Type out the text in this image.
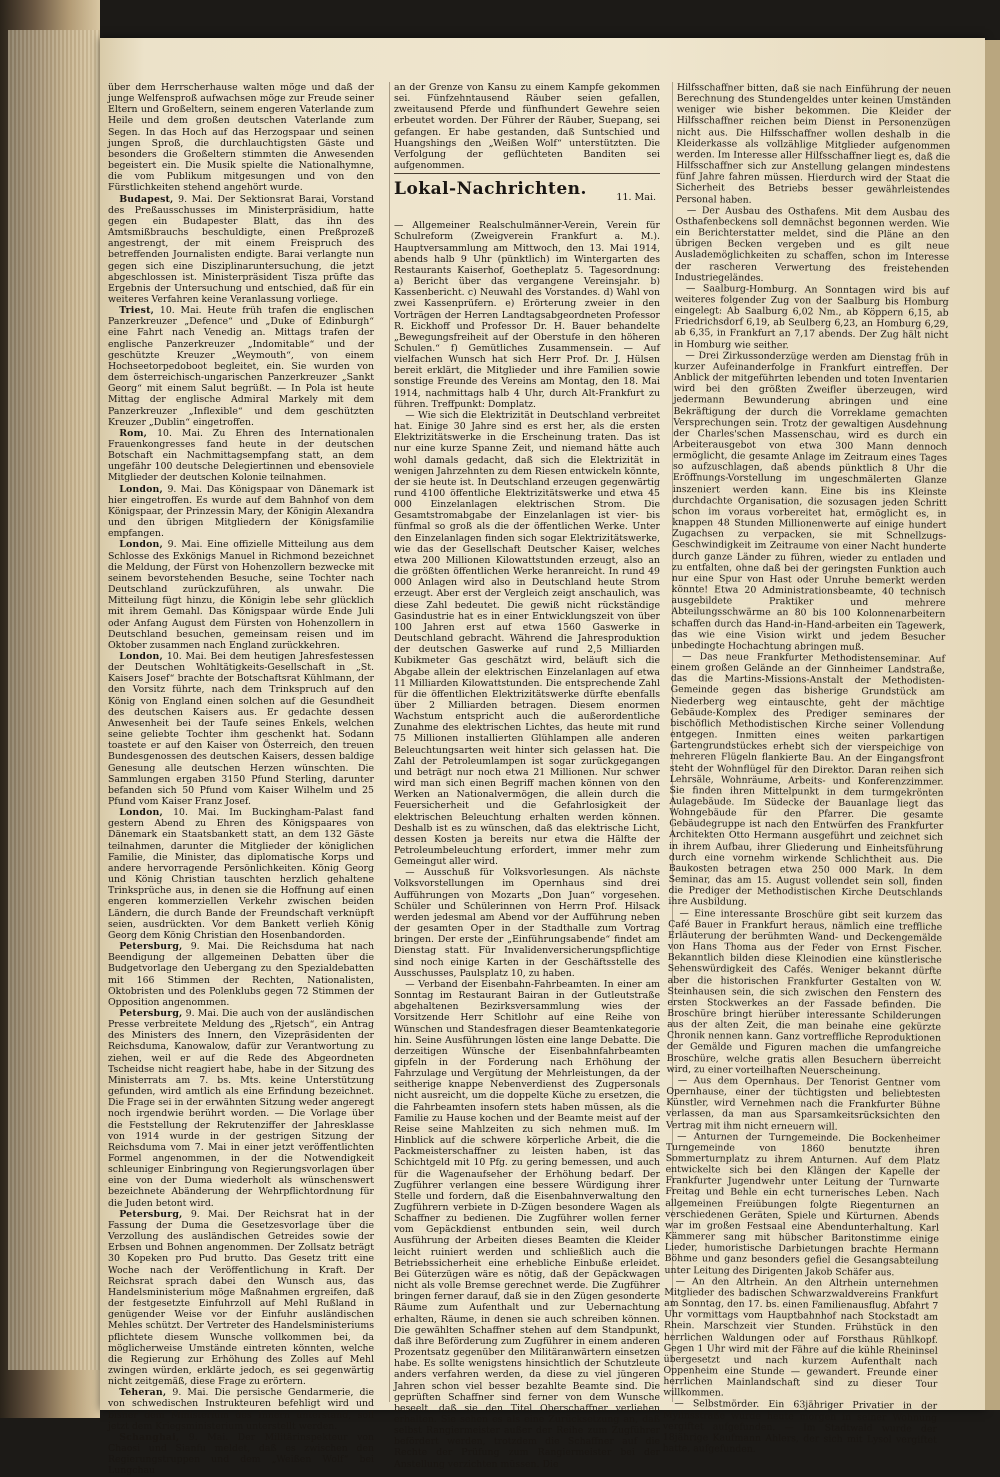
über dem Herrscherhause walten möge und daß der junge Welfensproß aufwachsen möge zur Freude seiner Eltern und Großeltern, seinem engeren Vaterlande zum Heile und dem großen deutschen Vaterlande zum Segen. In das Hoch auf das Herzogspaar und seinen jungen Sproß, die durchlauchtigsten Gäste und besonders die Großeltern stimmten die Anwesenden begeistert ein. Die Musik spielte die Nationalhymne, die vom Publikum mitgesungen und von den Fürstlichkeiten stehend angehört wurde.

Budapest, 9. Mai. Der Sektionsrat Barai, Vorstand des Preßausschusses im Ministerpräsidium, hatte gegen ein Budapester Blatt, das ihn des Amtsmißbrauchs beschuldigte, einen Preßprozeß angestrengt, der mit einem Freispruch des betreffenden Journalisten endigte. Barai verlangte nun gegen sich eine Disziplinaruntersuchung, die jetzt abgeschlossen ist. Ministerpräsident Tisza prüfte das Ergebnis der Untersuchung und entschied, daß für ein weiteres Verfahren keine Veranlassung vorliege.

Triest, 10. Mai. Heute früh trafen die englischen Panzerkreuzer „Defence“ und „Duke of Edinburgh“ eine Fahrt nach Venedig an. Mittags trafen der englische Panzerkreuzer „Indomitable“ und der geschützte Kreuzer „Weymouth“, von einem Hochseetorpedoboot begleitet, ein. Sie wurden von dem österreichisch-ungarischen Panzerkreuzer „Sankt Georg“ mit einem Salut begrüßt. — In Pola ist heute Mittag der englische Admiral Markely mit dem Panzerkreuzer „Inflexible“ und dem geschützten Kreuzer „Dublin“ eingetroffen.

Rom, 10. Mai. Zu Ehren des Internationalen Frauenkongresses fand heute in der deutschen Botschaft ein Nachmittagsempfang statt, an dem ungefähr 100 deutsche Delegiertinnen und ebensoviele Mitglieder der deutschen Kolonie teilnahmen.

London, 9. Mai. Das Königspaar von Dänemark ist hier eingetroffen. Es wurde auf dem Bahnhof von dem Königspaar, der Prinzessin Mary, der Königin Alexandra und den übrigen Mitgliedern der Königsfamilie empfangen.

London, 9. Mai. Eine offizielle Mitteilung aus dem Schlosse des Exkönigs Manuel in Richmond bezeichnet die Meldung, der Fürst von Hohenzollern bezwecke mit seinem bevorstehenden Besuche, seine Tochter nach Deutschland zurückzuführen, als unwahr. Die Mitteilung fügt hinzu, die Königin lebe sehr glücklich mit ihrem Gemahl. Das Königspaar würde Ende Juli oder Anfang August dem Fürsten von Hohenzollern in Deutschland besuchen, gemeinsam reisen und im Oktober zusammen nach England zurückkehren.

London, 10. Mai. Bei dem heutigen Jahresfestessen der Deutschen Wohltätigkeits-Gesellschaft in „St. Kaisers Josef“ brachte der Botschaftsrat Kühlmann, der den Vorsitz führte, nach dem Trinkspruch auf den König von England einen solchen auf die Gesundheit des deutschen Kaisers aus. Er gedachte dessen Anwesenheit bei der Taufe seines Enkels, welchen seine geliebte Tochter ihm geschenkt hat. Sodann toastete er auf den Kaiser von Österreich, den treuen Bundesgenossen des deutschen Kaisers, dessen baldige Genesung alle deutschen Herzen wünschten. Die Sammlungen ergaben 3150 Pfund Sterling, darunter befanden sich 50 Pfund vom Kaiser Wilhelm und 25 Pfund vom Kaiser Franz Josef.

London, 10. Mai. Im Buckingham-Palast fand gestern Abend zu Ehren des Königspaares von Dänemark ein Staatsbankett statt, an dem 132 Gäste teilnahmen, darunter die Mitglieder der königlichen Familie, die Minister, das diplomatische Korps und andere hervorragende Persönlichkeiten. König Georg und König Christian tauschten herzlich gehaltene Trinksprüche aus, in denen sie die Hoffnung auf einen engeren kommerziellen Verkehr zwischen beiden Ländern, die durch Bande der Freundschaft verknüpft seien, ausdrückten. Vor dem Bankett verlieh König Georg dem König Christian den Hosenbandorden.

Petersburg, 9. Mai. Die Reichsduma hat nach Beendigung der allgemeinen Debatten über die Budgetvorlage den Uebergang zu den Spezialdebatten mit 166 Stimmen der Rechten, Nationalisten, Oktobristen und des Polenklubs gegen 72 Stimmen der Opposition angenommen.

Petersburg, 9. Mai. Die auch von der ausländischen Presse verbreitete Meldung des „Rjetsch“, ein Antrag des Ministers des Innern, den Vizepräsidenten der Reichsduma, Kanowalow, dafür zur Verantwortung zu ziehen, weil er auf die Rede des Abgeordneten Tscheidse nicht reagiert habe, habe in der Sitzung des Ministerrats am 7. bs. Mts. keine Unterstützung gefunden, wird amtlich als eine Erfindung bezeichnet. Die Frage sei in der erwähnten Sitzung weder angeregt noch irgendwie berührt worden. — Die Vorlage über die Feststellung der Rekrutenziffer der Jahresklasse von 1914 wurde in der gestrigen Sitzung der Reichsduma vom 7. Mai in einer jetzt veröffentlichten Formel angenommen, in der die Notwendigkeit schleuniger Einbringung von Regierungsvorlagen über eine von der Duma wiederholt als wünschenswert bezeichnete Abänderung der Wehrpflichtordnung für die Juden betont wird.

Petersburg, 9. Mai. Der Reichsrat hat in der Fassung der Duma die Gesetzesvorlage über die Verzollung des ausländischen Getreides sowie der Erbsen und Bohnen angenommen. Der Zollsatz beträgt 30 Kopeken pro Pud brutto. Das Gesetz tritt eine Woche nach der Veröffentlichung in Kraft. Der Reichsrat sprach dabei den Wunsch aus, das Handelsministerium möge Maßnahmen ergreifen, daß der festgesetzte Einfuhrzoll auf Mehl Rußland in genügender Weise vor der Einfuhr ausländischen Mehles schützt. Der Vertreter des Handelsministeriums pflichtete diesem Wunsche vollkommen bei, da möglicherweise Umstände eintreten könnten, welche die Regierung zur Erhöhung des Zolles auf Mehl zwingen würden, erklärte jedoch, es sei gegenwärtig nicht zeitgemäß, diese Frage zu erörtern.

Teheran, 9. Mai. Die persische Gendarmerie, die von schwedischen Instrukteuren befehligt wird und bisher dem Ministerium des Innern unterstand, soll jetzt dem Kriegsministerium unterstellt werden.

Schanghai, 9. Mai. Der Militärinspekteur von Chaosi und Sianfu meldet, daß es zwischen den Regierungstruppen und dem „Weißen Wolf“ bei Lungchau

an der Grenze von Kansu zu einem Kampfe gekommen sei. Fünfzehntausend Räuber seien gefallen, zweitausend Pferde und fünfhundert Gewehre seien erbeutet worden. Der Führer der Räuber, Suepang, sei gefangen. Er habe gestanden, daß Suntschied und Huangshings den „Weißen Wolf“ unterstützten. Die Verfolgung der geflüchteten Banditen sei aufgenommen.

Lokal-Nachrichten.	11. Mai.

— Allgemeiner Realschulmänner-Verein, Verein für Schulreform (Zweigverein Frankfurt a. M.). Hauptversammlung am Mittwoch, den 13. Mai 1914, abends halb 9 Uhr (pünktlich) im Wintergarten des Restaurants Kaiserhof, Goetheplatz 5. Tagesordnung: a) Bericht über das vergangene Vereinsjahr. b) Kassenbericht. c) Neuwahl des Vorstandes. d) Wahl von zwei Kassenprüfern. e) Erörterung zweier in den Vorträgen der Herren Landtagsabgeordneten Professor R. Eickhoff und Professor Dr. H. Bauer behandelte „Bewegungsfreiheit auf der Oberstufe in den höheren Schulen.“ f) Gemütliches Zusammensein. — Auf vielfachen Wunsch hat sich Herr Prof. Dr. J. Hülsen bereit erklärt, die Mitglieder und ihre Familien sowie sonstige Freunde des Vereins am Montag, den 18. Mai 1914, nachmittags halb 4 Uhr, durch Alt-Frankfurt zu führen. Treffpunkt: Domplatz.

— Wie sich die Elektrizität in Deutschland verbreitet hat. Einige 30 Jahre sind es erst her, als die ersten Elektrizitätswerke in die Erscheinung traten. Das ist nur eine kurze Spanne Zeit, und niemand hätte auch wohl damals gedacht, daß sich die Elektrizität in wenigen Jahrzehnten zu dem Riesen entwickeln könnte, der sie heute ist. In Deutschland erzeugen gegenwärtig rund 4100 öffentliche Elektrizitätswerke und etwa 45 000 Einzelanlagen elektrischen Strom. Die Gesamtstromabgabe der Einzelanlagen ist vier- bis fünfmal so groß als die der öffentlichen Werke. Unter den Einzelanlagen finden sich sogar Elektrizitätswerke, wie das der Gesellschaft Deutscher Kaiser, welches etwa 200 Millionen Kilowattstunden erzeugt, also an die größten öffentlichen Werke heranreicht. In rund 49 000 Anlagen wird also in Deutschland heute Strom erzeugt. Aber erst der Vergleich zeigt anschaulich, was diese Zahl bedeutet. Die gewiß nicht rückständige Gasindustrie hat es in einer Entwicklungszeit von über 100 Jahren erst auf etwa 1560 Gaswerke in Deutschland gebracht. Während die Jahresproduktion der deutschen Gaswerke auf rund 2,5 Milliarden Kubikmeter Gas geschätzt wird, beläuft sich die Abgabe allein der elektrischen Einzelanlagen auf etwa 11 Milliarden Kilowattstunden. Die entsprechende Zahl für die öffentlichen Elektrizitätswerke dürfte ebenfalls über 2 Milliarden betragen. Diesem enormen Wachstum entspricht auch die außerordentliche Zunahme des elektrischen Lichtes, das heute mit rund 75 Millionen installierten Glühlampen alle anderen Beleuchtungsarten weit hinter sich gelassen hat. Die Zahl der Petroleumlampen ist sogar zurückgegangen und beträgt nur noch etwa 21 Millionen. Nur schwer wird man sich einen Begriff machen können von den Werken an Nationalvermögen, die allein durch die Feuersicherheit und die Gefahrlosigkeit der elektrischen Beleuchtung erhalten werden können. Deshalb ist es zu wünschen, daß das elektrische Licht, dessen Kosten ja bereits nur etwa die Hälfte der Petroleumbeleuchtung erfordert, immer mehr zum Gemeingut aller wird.

— Ausschuß für Volksvorlesungen. Als nächste Volksvorstellungen im Opernhaus sind drei Aufführungen von Mozarts „Don Juan“ vorgesehen. Schüler und Schülerinnen von Herrn Prof. Hilsack werden jedesmal am Abend vor der Aufführung neben der gesamten Oper in der Stadthalle zum Vortrag bringen. Der erste der „Einführungsabende“ findet am Dienstag statt. Für Invalidenversicherungspflichtige sind noch einige Karten in der Geschäftsstelle des Ausschusses, Paulsplatz 10, zu haben.

— Verband der Eisenbahn-Fahrbeamten. In einer am Sonntag im Restaurant Bairan in der Gutleutstraße abgehaltenen Bezirksversammlung wies der Vorsitzende Herr Schitlohr auf eine Reihe von Wünschen und Standesfragen dieser Beamtenkategorie hin. Seine Ausführungen lösten eine lange Debatte. Die derzeitigen Wünsche der Eisenbahnfahrbeamten gipfeln in der Forderung nach Erhöhung der Fahrzulage und Vergütung der Mehrleistungen, da der seitherige knappe Nebenverdienst des Zugpersonals nicht ausreicht, um die doppelte Küche zu ersetzen, die die Fahrbeamten insofern stets haben müssen, als die Familie zu Hause kochen und der Beamte meist auf der Reise seine Mahlzeiten zu sich nehmen muß. Im Hinblick auf die schwere körperliche Arbeit, die die Packmeisterschaffner zu leisten haben, ist das Schichtgeld mit 10 Pfg. zu gering bemessen, und auch für die Wagenaufseher der Erhöhung bedarf. Der Zugführer verlangen eine bessere Würdigung ihrer Stelle und fordern, daß die Eisenbahnverwaltung den Zugführern verbiete in D-Zügen besondere Wagen als Schaffner zu bedienen. Die Zugführer wollen ferner vom Gepäckdienst entbunden sein, weil durch Ausführung der Arbeiten dieses Beamten die Kleider leicht ruiniert werden und schließlich auch die Betriebssicherheit eine erhebliche Einbuße erleidet. Bei Güterzügen wäre es nötig, daß der Gepäckwagen nicht als volle Bremse gerechnet werde. Die Zugführer bringen ferner darauf, daß sie in den Zügen gesonderte Räume zum Aufenthalt und zur Uebernachtung erhalten, Räume, in denen sie auch schreiben können. Die gewählten Schaffner stehen auf dem Standpunkt, daß ihre Beförderung zum Zugführer in einem anderen Prozentsatz gegenüber den Militäranwärtern einsetzen habe. Es sollte wenigstens hinsichtlich der Schutzleute anders verfahren werden, da diese zu viel jüngeren Jahren schon viel besser bezahlte Beamte sind. Die geprüften Schaffner sind ferner von dem Wunsche beseelt, daß sie den Titel Oberschaffner verliehen erhalten. Sie sehen es als eine Zurücksetzung an, daß selbst Rangiermeister außer der Reihe zum Zugführer befördert werden, trotzdem die Schaffner auf die Rechte der Prüfung zum Rangiermeister bei der Anstellung verzichten müssen. Die

Hilfsschaffner bitten, daß sie nach Einführung der neuen Berechnung des Stundengeldes unter keinen Umständen weniger wie bisher bekommen. Die Kleider der Hilfsschaffner reichen beim Dienst in Personenzügen nicht aus. Die Hilfsschaffner wollen deshalb in die Kleiderkasse als vollzählige Mitglieder aufgenommen werden. Im Interesse aller Hilfsschaffner liegt es, daß die Hilfsschaffner sich zur Anstellung gelangen mindestens fünf Jahre fahren müssen. Hierdurch wird der Staat die Sicherheit des Betriebs besser gewährleistendes Personal haben.

— Der Ausbau des Osthafens. Mit dem Ausbau des Osthafenbeckens soll demnächst begonnen werden. Wie ein Berichterstatter meldet, sind die Pläne an den übrigen Becken vergeben und es gilt neue Auslademöglichkeiten zu schaffen, schon im Interesse der rascheren Verwertung des freistehenden Industriegeländes.

— Saalburg-Homburg. An Sonntagen wird bis auf weiteres folgender Zug von der Saalburg bis Homburg eingelegt: Ab Saalburg 6,02 Nm., ab Köppern 6,15, ab Friedrichsdorf 6,19, ab Seulberg 6,23, an Homburg 6,29, ab 6,35, in Frankfurt an 7,17 abends. Der Zug hält nicht in Homburg wie seither.

— Drei Zirkussonderzüge werden am Dienstag früh in kurzer Aufeinanderfolge in Frankfurt eintreffen. Der Anblick der mitgeführten lebenden und toten Inventarien wird bei den größten Zweifler überzeugen, wird jedermann Bewunderung abringen und eine Bekräftigung der durch die Vorreklame gemachten Versprechungen sein. Trotz der gewaltigen Ausdehnung der Charles'schen Massenschau, wird es durch ein Arbeiterausgebot von etwa 300 Mann dennoch ermöglicht, die gesamte Anlage im Zeitraum eines Tages so aufzuschlagen, daß abends pünktlich 8 Uhr die Eröffnungs-Vorstellung im ungeschmälerten Glanze inszeniert werden kann. Eine bis ins Kleinste durchdachte Organisation, die sozusagen jeden Schritt schon im voraus vorbereitet hat, ermöglicht es, in knappen 48 Stunden Millionenwerte auf einige hundert Zugachsen zu verpacken, sie mit Schnellzugs-Geschwindigkeit im Zeitraume von einer Nacht hunderte durch ganze Länder zu führen, wieder zu entladen und zu entfalten, ohne daß bei der geringsten Funktion auch nur eine Spur von Hast oder Unruhe bemerkt werden könnte! Etwa 20 Administrationsbeamte, 40 technisch ausgebildete Praktiker und mehrere Abteilungsschwärme an 80 bis 100 Kolonnenarbeitern schaffen durch das Hand-in-Hand-arbeiten ein Tagewerk, das wie eine Vision wirkt und jedem Besucher unbedingte Hochachtung abringen muß.

— Das neue Frankfurter Methodistenseminar. Auf einem großen Gelände an der Ginnheimer Landstraße, das die Martins-Missions-Anstalt der Methodisten-Gemeinde gegen das bisherige Grundstück am Niederberg weg eintauschte, geht der mächtige Gebäude-Komplex des Prediger seminares der bischöflich Methodistischen Kirche seiner Vollendung entgegen. Inmitten eines weiten parkartigen Gartengrundstückes erhebt sich der vierspeichige von mehreren Flügeln flankierte Bau. An der Eingangsfront steht der Wohnflügel für den Direktor. Daran reihen sich Lehrsäle, Wohnräume, Arbeits- und Konferenzzimmer. Sie finden ihren Mittelpunkt in dem turmgekrönten Aulagebäude. Im Südecke der Bauanlage liegt das Wohngebäude für den Pfarrer. Die gesamte Gebäudegruppe ist nach den Entwürfen des Frankfurter Architekten Otto Hermann ausgeführt und zeichnet sich in ihrem Aufbau, ihrer Gliederung und Einheitsführung durch eine vornehm wirkende Schlichtheit aus. Die Baukosten betragen etwa 250 000 Mark. In dem Seminar, das am 15. August vollendet sein soll, finden die Prediger der Methodistischen Kirche Deutschlands ihre Ausbildung.

— Eine interessante Broschüre gibt seit kurzem das Café Bauer in Frankfurt heraus, nämlich eine treffliche Erläuterung der berühmten Wand- und Deckengemälde von Hans Thoma aus der Feder von Ernst Fischer. Bekanntlich bilden diese Kleinodien eine künstlerische Sehenswürdigkeit des Cafés. Weniger bekannt dürfte aber die historischen Frankfurter Gestalten von W. Steinhausen sein, die sich zwischen den Fenstern des ersten Stockwerkes an der Fassade befinden. Die Broschüre bringt hierüber interessante Schilderungen aus der alten Zeit, die man beinahe eine gekürzte Chronik nennen kann. Ganz vortreffliche Reproduktionen der Gemälde und Figuren machen die umfangreiche Broschüre, welche gratis allen Besuchern überreicht wird, zu einer vorteilhaften Neuerscheinung.

— Aus dem Opernhaus. Der Tenorist Gentner vom Opernhause, einer der tüchtigsten und beliebtesten Künstler, wird Vernehmen nach die Frankfurter Bühne verlassen, da man aus Sparsamkeitsrücksichten den Vertrag mit ihm nicht erneuern will.

— Anturnen der Turngemeinde. Die Bockenheimer Turngemeinde von 1860 benutzte ihren Sommerturnplatz zu ihrem Anturnen. Auf dem Platz entwickelte sich bei den Klängen der Kapelle der Frankfurter Jugendwehr unter Leitung der Turnwarte Freitag und Behle ein echt turnerisches Leben. Nach allgemeinen Freiübungen folgte Riegenturnen an verschiedenen Geräten, Spiele und Kürturnen. Abends war im großen Festsaal eine Abendunterhaltung. Karl Kämmerer sang mit hübscher Baritonstimme einige Lieder, humoristische Darbietungen brachte Hermann Böhme und ganz besonders gefiel die Gesangsabteilung unter Leitung des Dirigenten Jakob Schäfer aus.

— An den Altrhein. An den Altrhein unternehmen Mitglieder des badischen Schwarzwaldvereins Frankfurt am Sonntag, den 17. bs. einen Familienausflug. Abfahrt 7 Uhr vormittags vom Hauptbahnhof nach Stockstadt am Rhein. Marschzeit vier Stunden. Frühstück in den herrlichen Waldungen oder auf Forsthaus Rühlkopf. Gegen 1 Uhr wird mit der Fähre auf die kühle Rheininsel übergesetzt und nach kurzem Aufenthalt nach Oppenheim eine Stunde — gewandert. Freunde einer herrlichen Mainlandschaft sind zu dieser Tour willkommen.

— Selbstmörder. Ein 63jähriger Privatier in der Mylinsstraße wurde heute morgen in seiner Wohnung vergiftet aufgefunden. — Im Stadtwald wurde der 18jährige Kaufmann Ahlers, der sich mit Lysol vergiftet hatte, aufgefunden.
